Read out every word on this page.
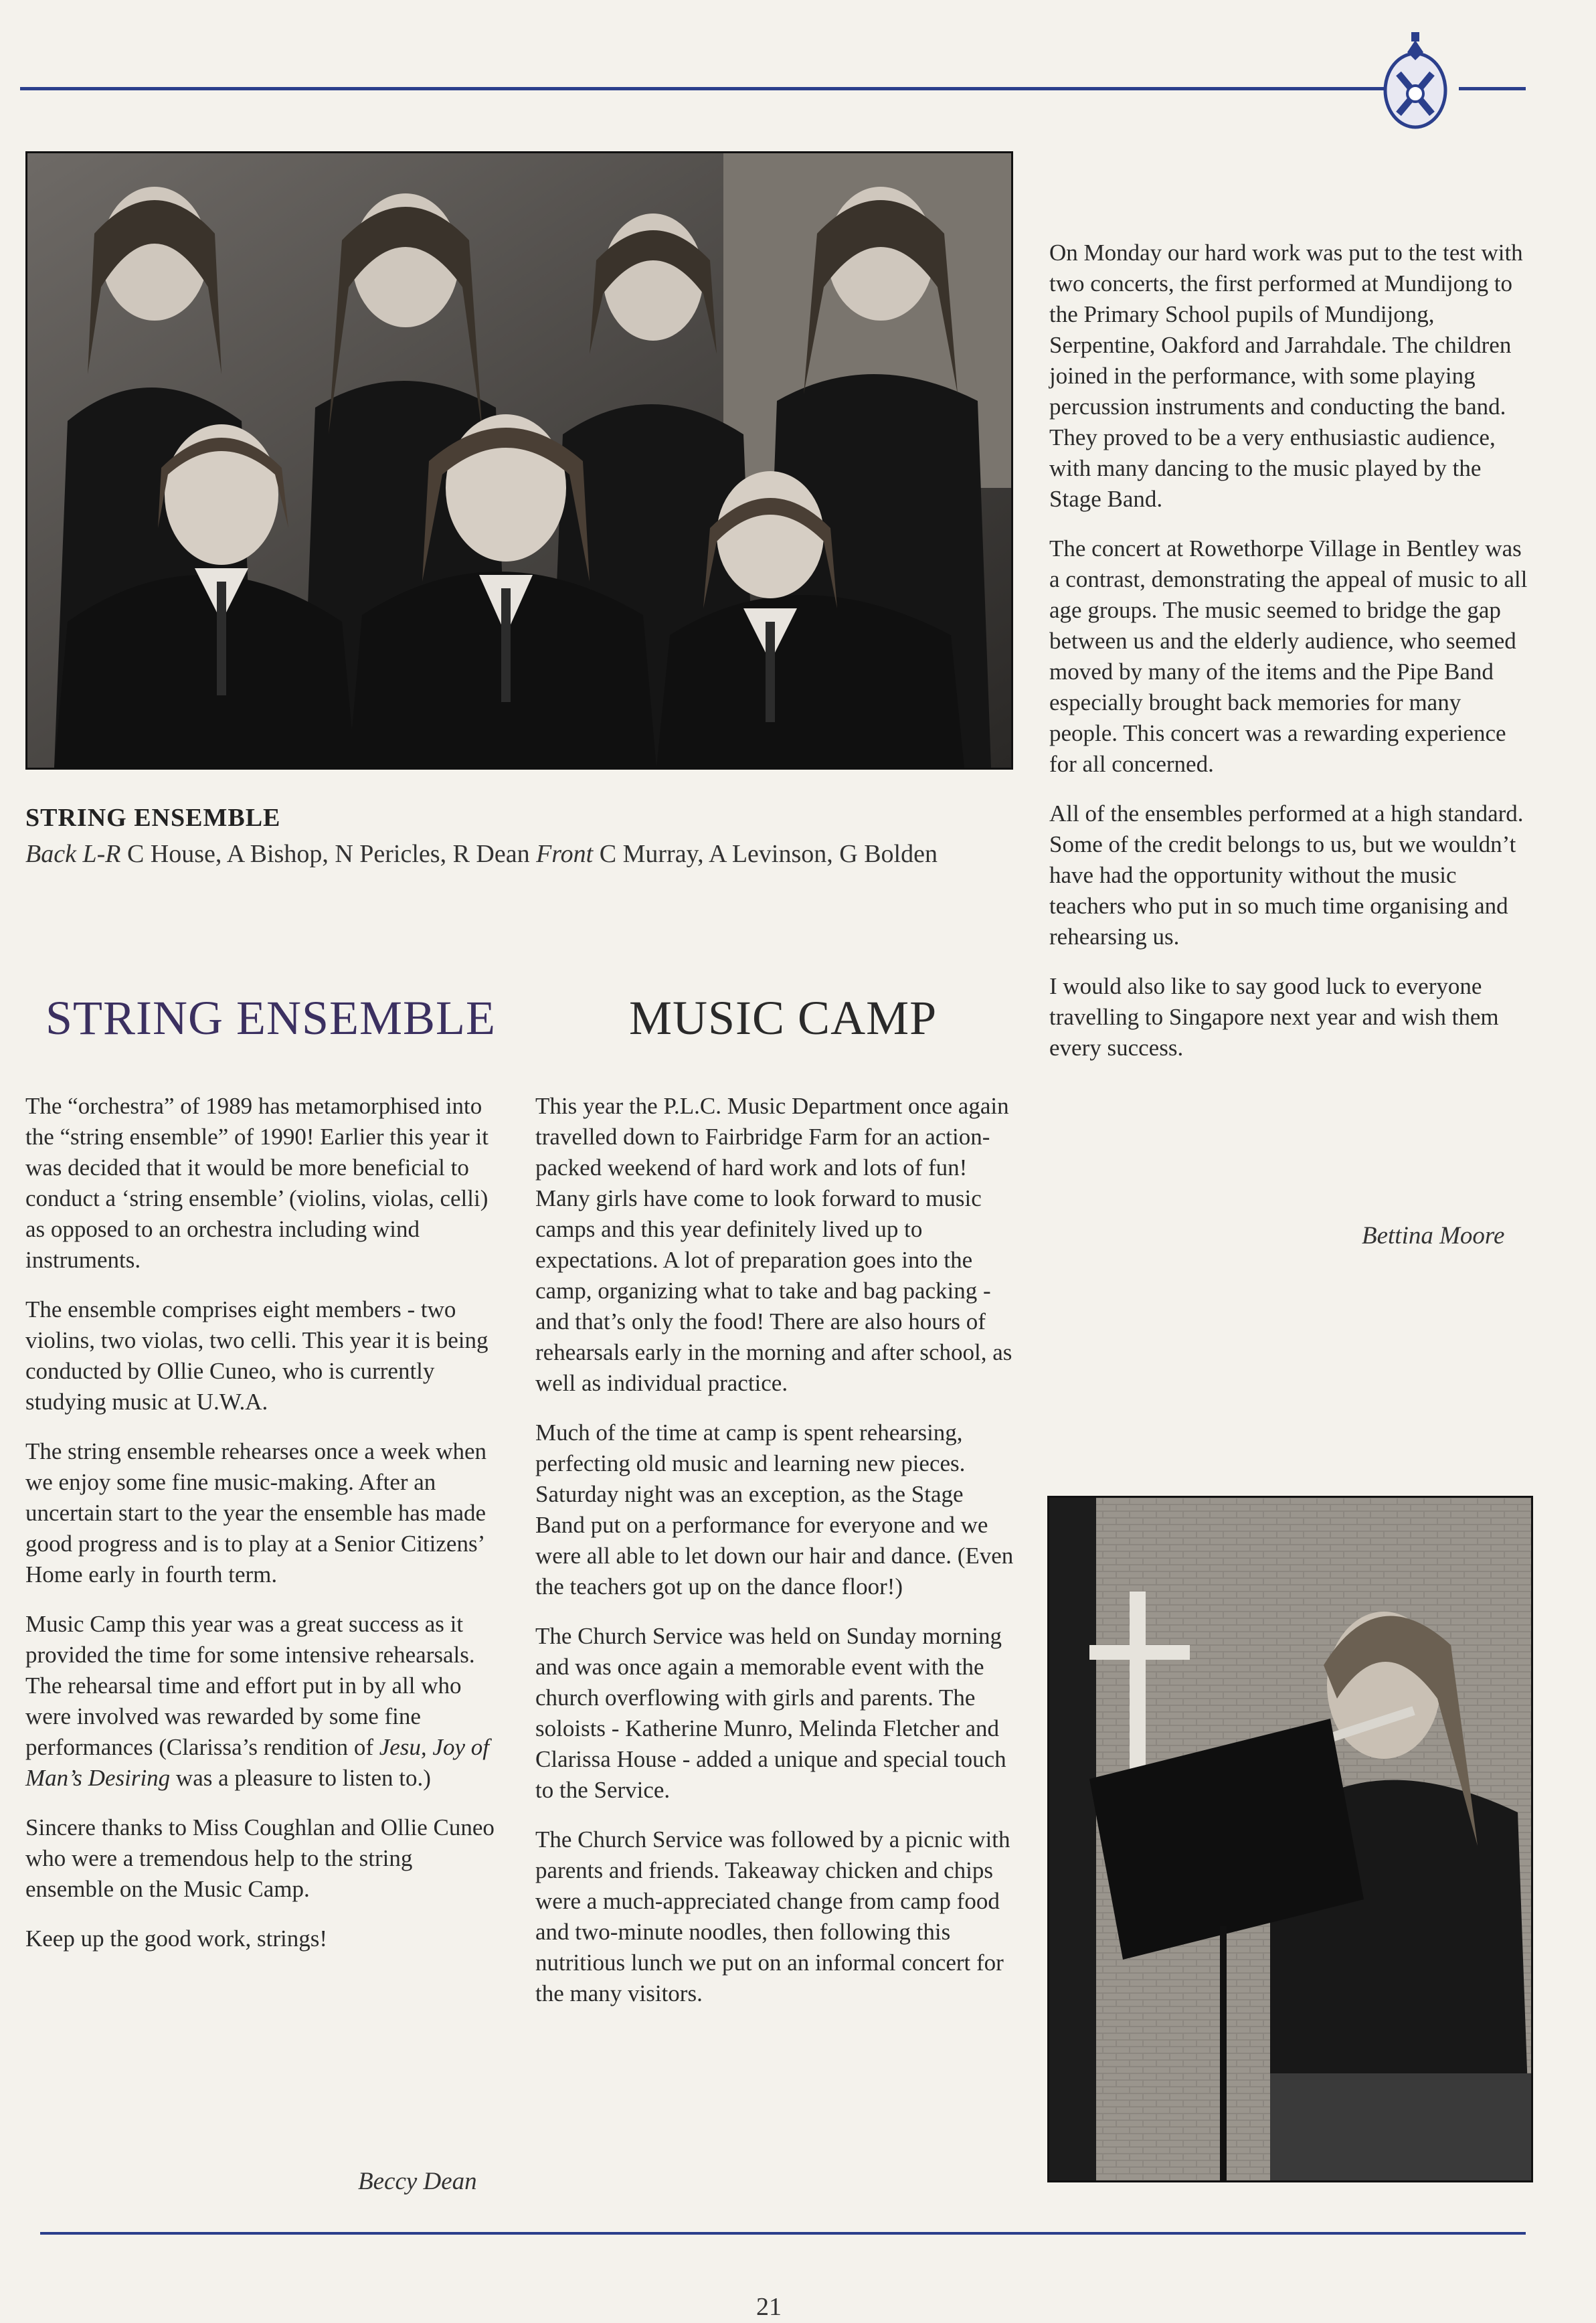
STRING ENSEMBLE
Back L-R C House, A Bishop, N Pericles, R Dean Front C Murray, A Levinson, G Bolden
STRING ENSEMBLE	MUSIC CAMP

The “orchestra” of 1989 has metamorphised into the “string ensemble” of 1990! Earlier this year it was decided that it would be more beneficial to conduct a ‘string ensemble’ (violins, violas, celli) as opposed to an orchestra including wind instruments.

The ensemble comprises eight members - two violins, two violas, two celli. This year it is being conducted by Ollie Cuneo, who is currently studying music at U.W.A.

The string ensemble rehearses once a week when we enjoy some fine music-making. After an uncertain start to the year the ensemble has made good progress and is to play at a Senior Citizens’ Home early in fourth term.

Music Camp this year was a great success as it provided the time for some intensive rehearsals. The rehearsal time and effort put in by all who were involved was rewarded by some fine performances (Clarissa’s rendition of Jesu, Joy of Man’s Desiring was a pleasure to listen to.)

Sincere thanks to Miss Coughlan and Ollie Cuneo who were a tremendous help to the string ensemble on the Music Camp.

Keep up the good work, strings!

Beccy Dean

This year the P.L.C. Music Department once again travelled down to Fairbridge Farm for an action-packed weekend of hard work and lots of fun! Many girls have come to look forward to music camps and this year definitely lived up to expectations. A lot of preparation goes into the camp, organizing what to take and bag packing - and that’s only the food! There are also hours of rehearsals early in the morning and after school, as well as individual practice.

Much of the time at camp is spent rehearsing, perfecting old music and learning new pieces. Saturday night was an exception, as the Stage Band put on a performance for everyone and we were all able to let down our hair and dance. (Even the teachers got up on the dance floor!)

The Church Service was held on Sunday morning and was once again a memorable event with the church overflowing with girls and parents. The soloists - Katherine Munro, Melinda Fletcher and Clarissa House - added a unique and special touch to the Service.

The Church Service was followed by a picnic with parents and friends. Takeaway chicken and chips were a much-appreciated change from camp food and two-minute noodles, then following this nutritious lunch we put on an informal concert for the many visitors.

On Monday our hard work was put to the test with two concerts, the first performed at Mundijong to the Primary School pupils of Mundijong, Serpentine, Oakford and Jarrahdale. The children joined in the performance, with some playing percussion instruments and conducting the band. They proved to be a very enthusiastic audience, with many dancing to the music played by the Stage Band.

The concert at Rowethorpe Village in Bentley was a contrast, demonstrating the appeal of music to all age groups. The music seemed to bridge the gap between us and the elderly audience, who seemed moved by many of the items and the Pipe Band especially brought back memories for many people. This concert was a rewarding experience for all concerned.

All of the ensembles performed at a high standard. Some of the credit belongs to us, but we wouldn’t have had the opportunity without the music teachers who put in so much time organising and rehearsing us.

I would also like to say good luck to everyone travelling to Singapore next year and wish them every success.

Bettina Moore
21
